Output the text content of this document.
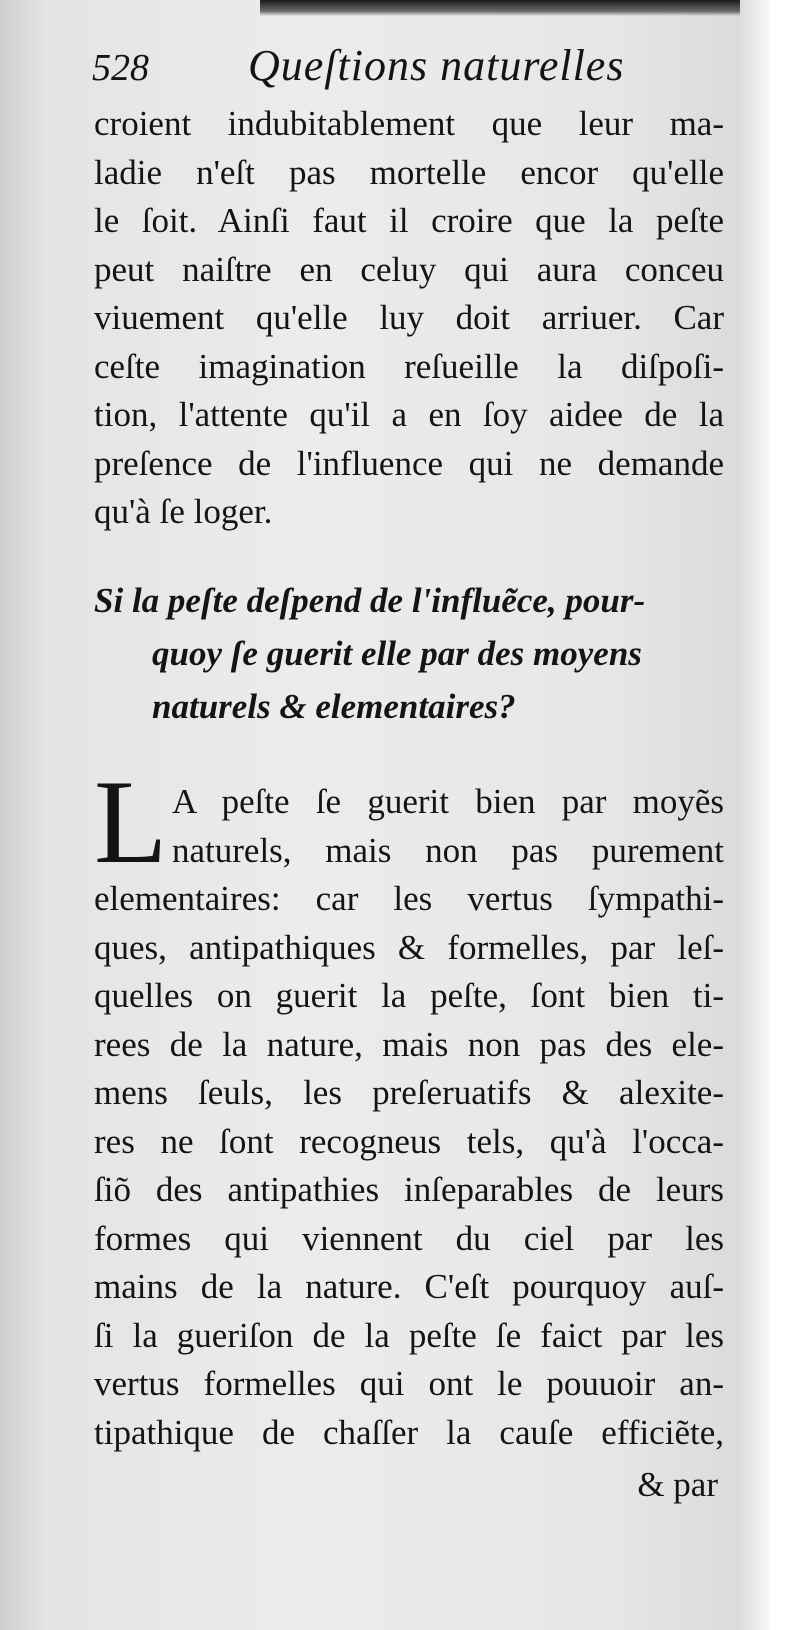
528 Queſtions naturelles
croient indubitablement que leur ma-
ladie n'eſt pas mortelle encor qu'elle
le ſoit. Ainſi faut il croire que la peſte
peut naiſtre en celuy qui aura conceu
viuement qu'elle luy doit arriuer. Car
ceſte imagination reſueille la diſpoſi-
tion, l'attente qu'il a en ſoy aidee de la
preſence de l'influence qui ne demande
qu'à ſe loger.
Si la peſte deſpend de l'influẽce, pour-
quoy ſe guerit elle par des moyens
naturels & elementaires?
L A peſte ſe guerit bien par moyẽs
naturels, mais non pas purement
elementaires: car les vertus ſympathi-
ques, antipathiques & formelles, par leſ-
quelles on guerit la peſte, ſont bien ti-
rees de la nature, mais non pas des ele-
mens ſeuls, les preſeruatifs & alexite-
res ne ſont recogneus tels, qu'à l'occa-
ſiõ des antipathies inſeparables de leurs
formes qui viennent du ciel par les
mains de la nature. C'eſt pourquoy auſ-
ſi la gueriſon de la peſte ſe faict par les
vertus formelles qui ont le pouuoir an-
tipathique de chaſſer la cauſe efficiẽte,
& par
